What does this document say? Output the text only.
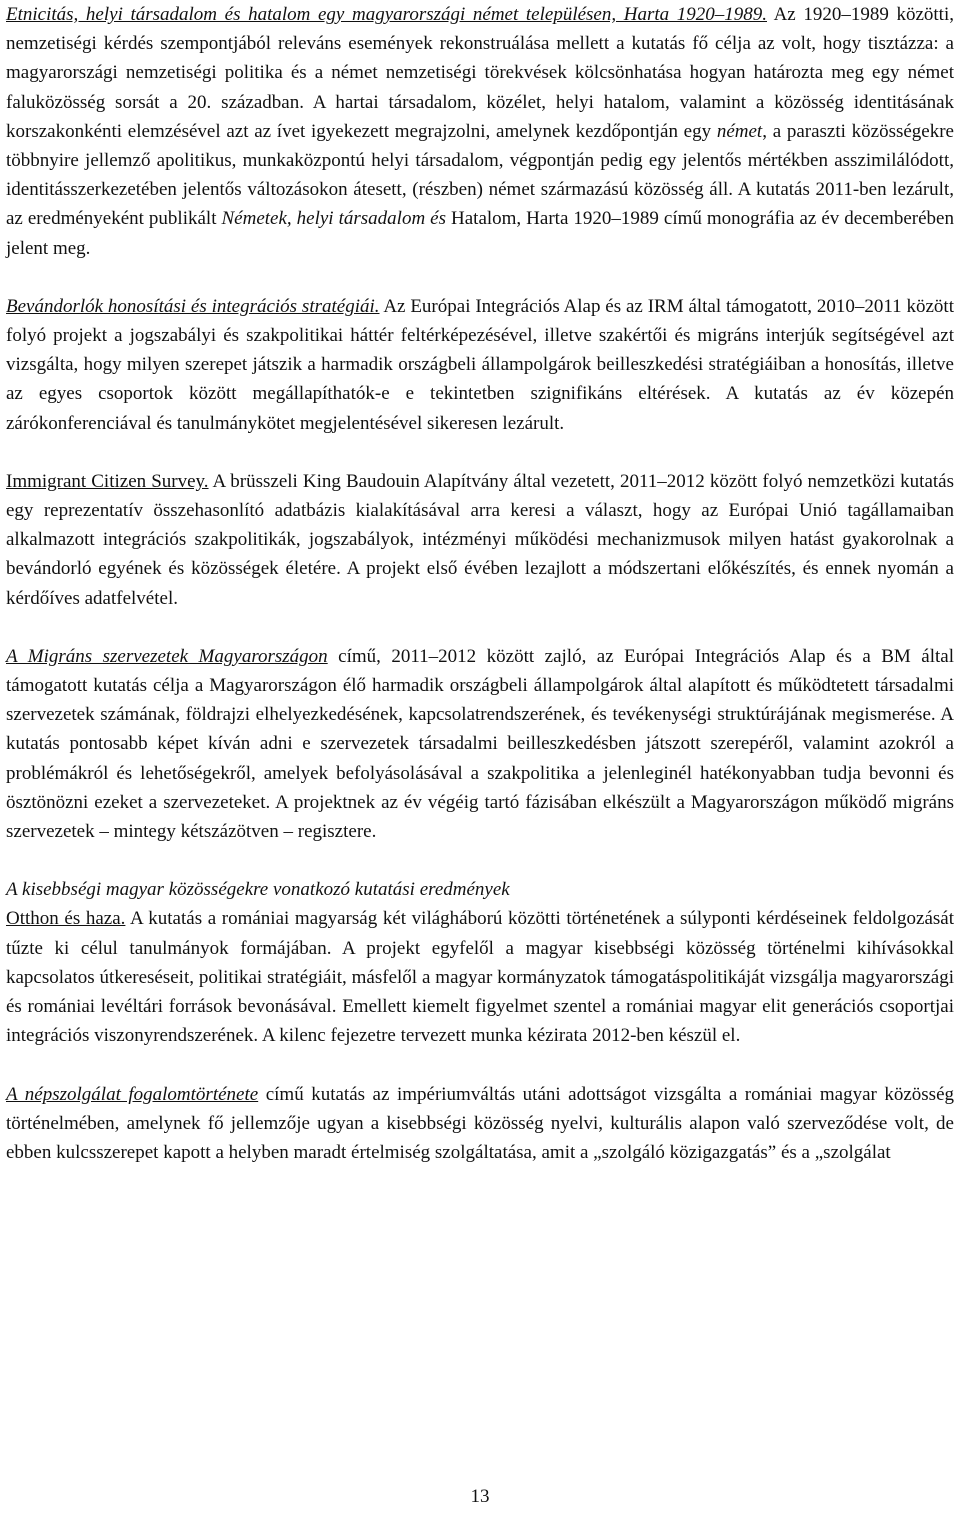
Etnicitás, helyi társadalom és hatalom egy magyarországi német településen, Harta 1920–1989. Az 1920–1989 közötti, nemzetiségi kérdés szempontjából releváns események rekonstruálása mellett a kutatás fő célja az volt, hogy tisztázza: a magyarországi nemzetiségi politika és a német nemzetiségi törekvések kölcsönhatása hogyan határozta meg egy német faluközösség sorsát a 20. században. A hartai társadalom, közélet, helyi hatalom, valamint a közösség identitásának korszakonkénti elemzésével azt az ívet igyekezett megrajzolni, amelynek kezdőpontján egy német, a paraszti közösségekre többnyire jellemző apolitikus, munkaközpontú helyi társadalom, végpontján pedig egy jelentős mértékben asszimilálódott, identitásszerkezetében jelentős változásokon átesett, (részben) német származású közösség áll. A kutatás 2011-ben lezárult, az eredményeként publikált Németek, helyi társadalom és Hatalom, Harta 1920–1989 című monográfia az év decemberében jelent meg.

Bevándorlók honosítási és integrációs stratégiái. Az Európai Integrációs Alap és az IRM által támogatott, 2010–2011 között folyó projekt a jogszabályi és szakpolitikai háttér feltérképezésével, illetve szakértői és migráns interjúk segítségével azt vizsgálta, hogy milyen szerepet játszik a harmadik országbeli állampolgárok beilleszkedési stratégiáiban a honosítás, illetve az egyes csoportok között megállapíthatók-e e tekintetben szignifikáns eltérések. A kutatás az év közepén zárókonferenciával és tanulmánykötet megjelentésével sikeresen lezárult.

Immigrant Citizen Survey. A brüsszeli King Baudouin Alapítvány által vezetett, 2011–2012 között folyó nemzetközi kutatás egy reprezentatív összehasonlító adatbázis kialakításával arra keresi a választ, hogy az Európai Unió tagállamaiban alkalmazott integrációs szakpolitikák, jogszabályok, intézményi működési mechanizmusok milyen hatást gyakorolnak a bevándorló egyének és közösségek életére. A projekt első évében lezajlott a módszertani előkészítés, és ennek nyomán a kérdőíves adatfelvétel.

A Migráns szervezetek Magyarországon című, 2011–2012 között zajló, az Európai Integrációs Alap és a BM által támogatott kutatás célja a Magyarországon élő harmadik országbeli állampolgárok által alapított és működtetett társadalmi szervezetek számának, földrajzi elhelyezkedésének, kapcsolatrendszerének, és tevékenységi struktúrájának megismerése. A kutatás pontosabb képet kíván adni e szervezetek társadalmi beilleszkedésben játszott szerepéről, valamint azokról a problémákról és lehetőségekről, amelyek befolyásolásával a szakpolitika a jelenleginél hatékonyabban tudja bevonni és ösztönözni ezeket a szervezeteket. A projektnek az év végéig tartó fázisában elkészült a Magyarországon működő migráns szervezetek – mintegy kétszázötven – regisztere.

A kisebbségi magyar közösségekre vonatkozó kutatási eredmények

Otthon és haza. A kutatás a romániai magyarság két világháború közötti történetének a súlyponti kérdéseinek feldolgozását tűzte ki célul tanulmányok formájában. A projekt egyfelől a magyar kisebbségi közösség történelmi kihívásokkal kapcsolatos útkereséseit, politikai stratégiáit, másfelől a magyar kormányzatok támogatáspolitikáját vizsgálja magyarországi és romániai levéltári források bevonásával. Emellett kiemelt figyelmet szentel a romániai magyar elit generációs csoportjai integrációs viszonyrendszerének. A kilenc fejezetre tervezett munka kézirata 2012-ben készül el.

A népszolgálat fogalomtörténete című kutatás az impériumváltás utáni adottságot vizsgálta a romániai magyar közösség történelmében, amelynek fő jellemzője ugyan a kisebbségi közösség nyelvi, kulturális alapon való szerveződése volt, de ebben kulcsszerepet kapott a helyben maradt értelmiség szolgáltatása, amit a „szolgáló közigazgatás” és a „szolgálat

13
